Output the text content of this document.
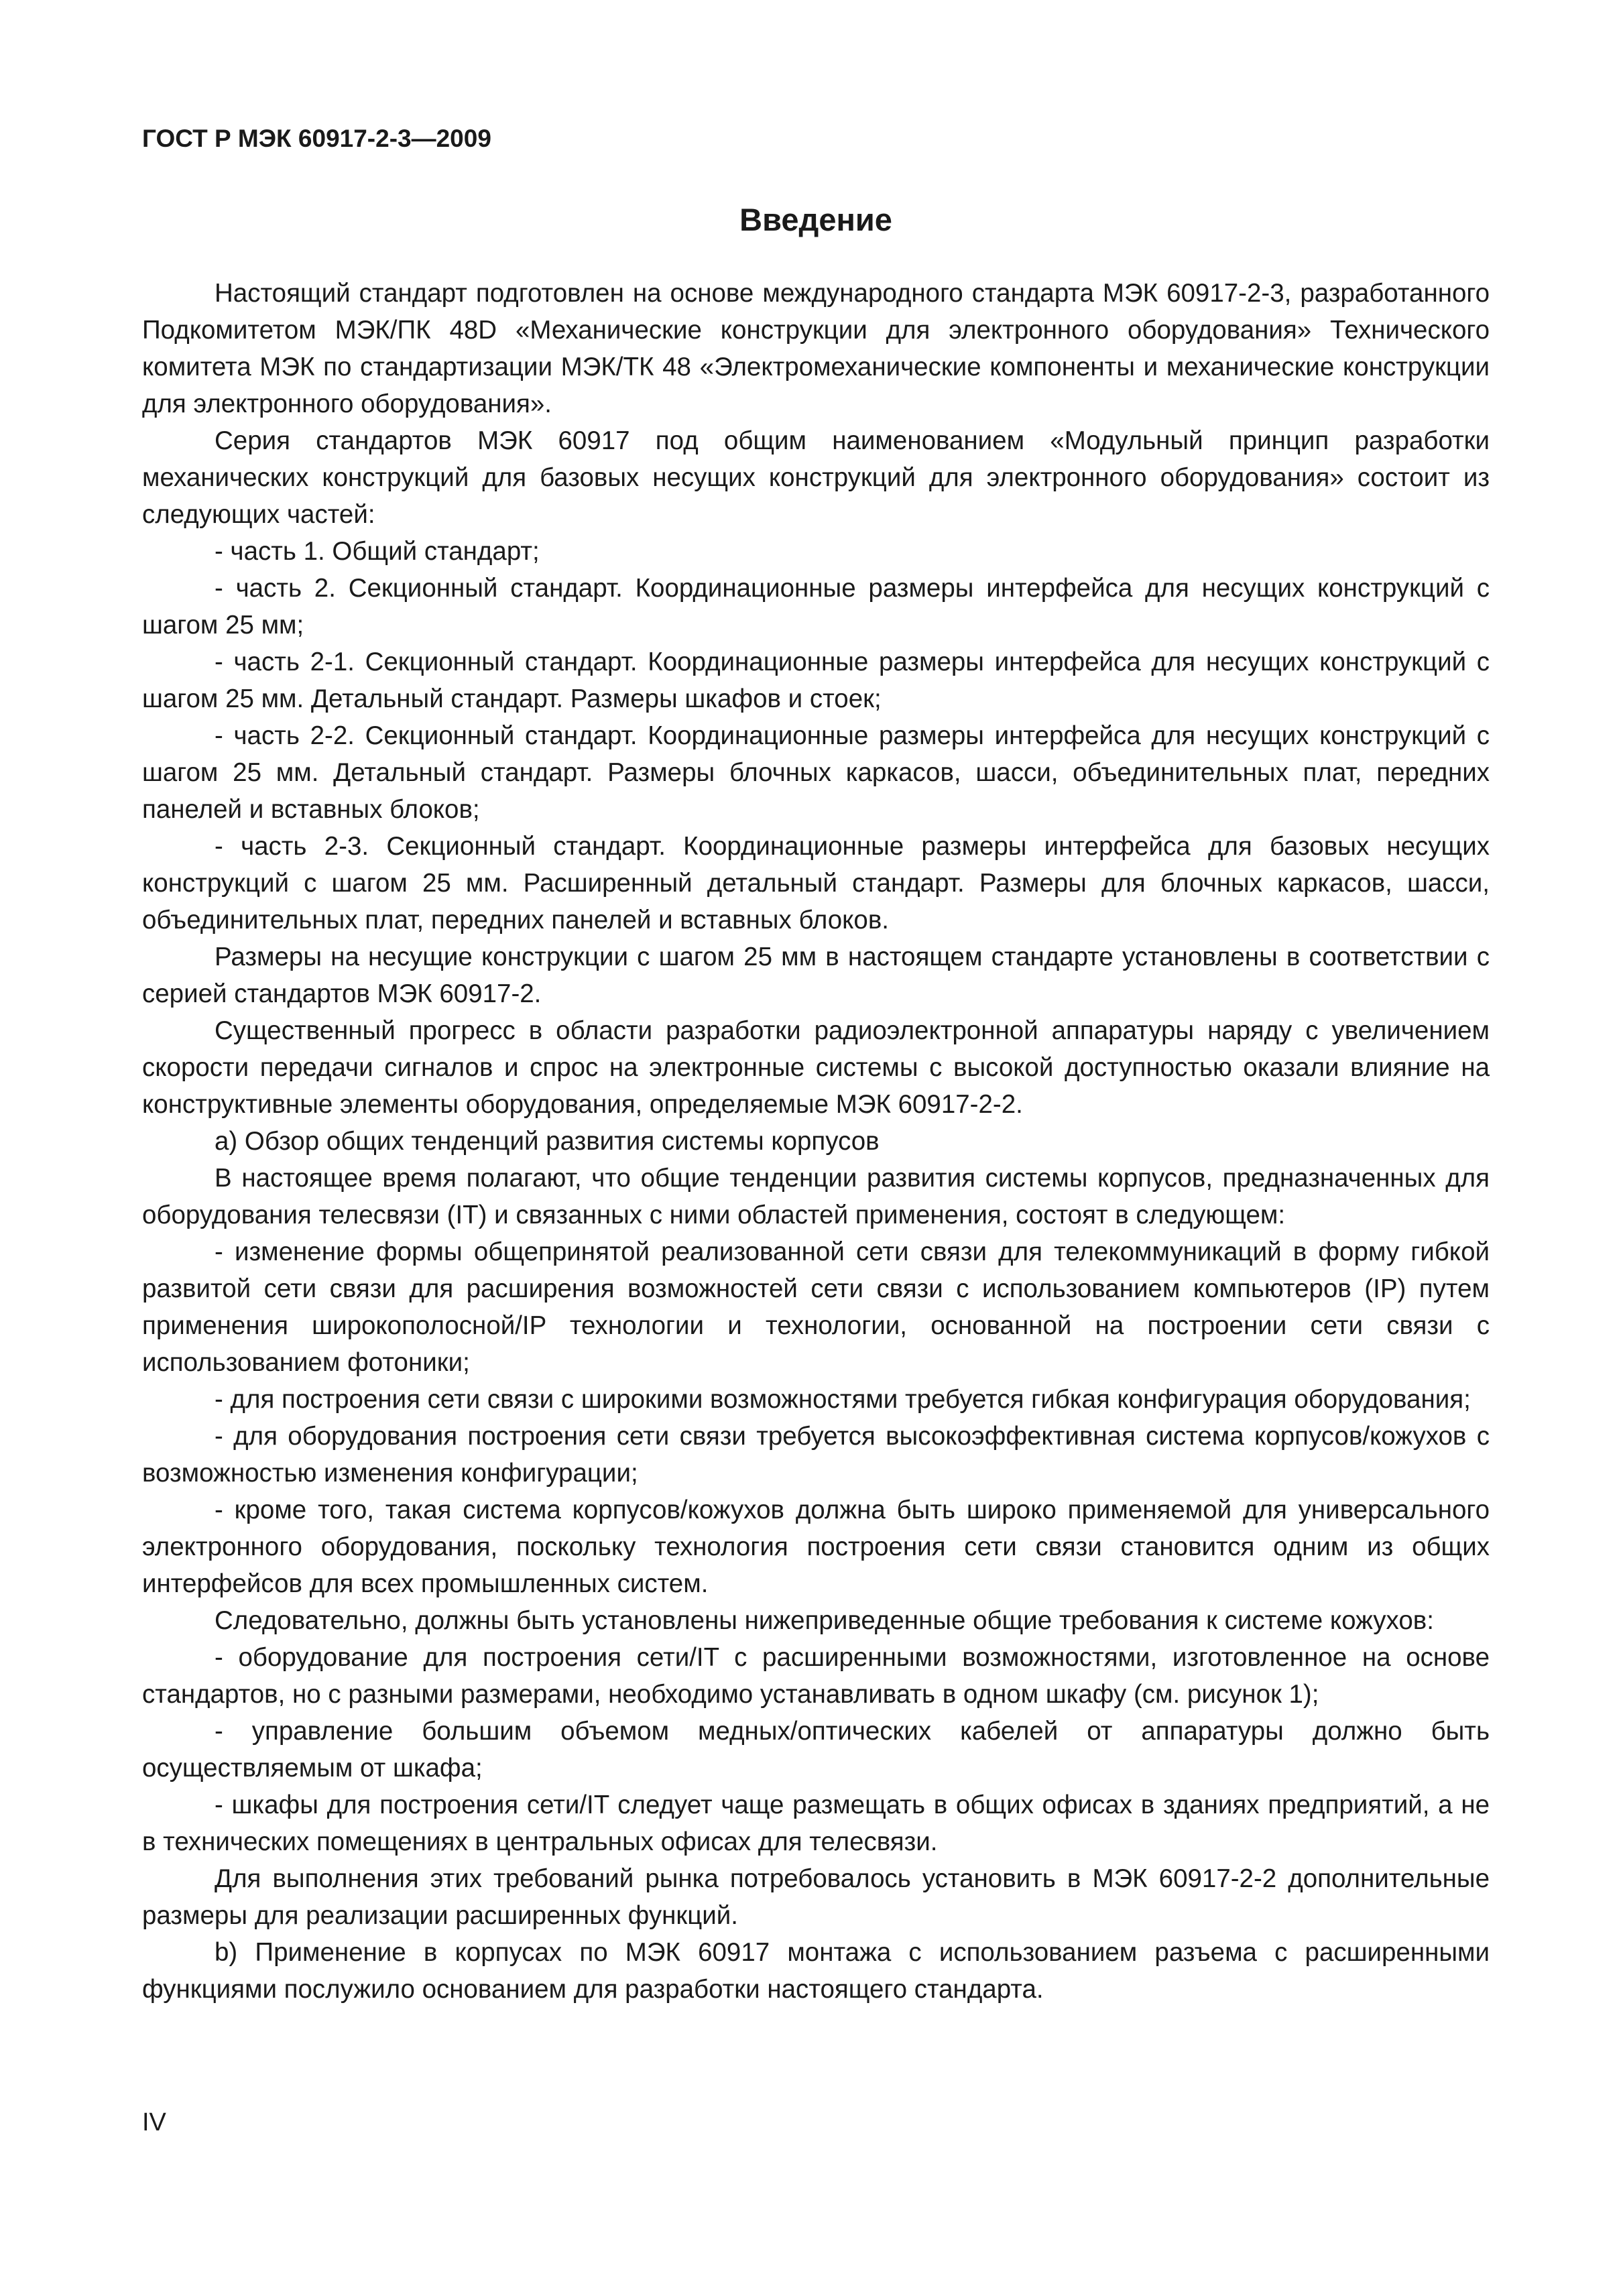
ГОСТ Р МЭК 60917-2-3—2009
Введение

Настоящий стандарт подготовлен на основе международного стандарта МЭК 60917-2-3, разработанного Подкомитетом МЭК/ПК 48D «Механические конструкции для электронного оборудования» Технического комитета МЭК по стандартизации МЭК/ТК 48 «Электромеханические компоненты и механические конструкции для электронного оборудования».

Серия стандартов МЭК 60917 под общим наименованием «Модульный принцип разработки механических конструкций для базовых несущих конструкций для электронного оборудования» состоит из следующих частей:

- часть 1. Общий стандарт;

- часть 2. Секционный стандарт. Координационные размеры интерфейса для несущих конструкций с шагом 25 мм;

- часть 2-1. Секционный стандарт. Координационные размеры интерфейса для несущих конструкций с шагом 25 мм. Детальный стандарт. Размеры шкафов и стоек;

- часть 2-2. Секционный стандарт. Координационные размеры интерфейса для несущих конструкций с шагом 25 мм. Детальный стандарт. Размеры блочных каркасов, шасси, объединительных плат, передних панелей и вставных блоков;

- часть 2-3. Секционный стандарт. Координационные размеры интерфейса для базовых несущих конструкций с шагом 25 мм. Расширенный детальный стандарт. Размеры для блочных каркасов, шасси, объединительных плат, передних панелей и вставных блоков.

Размеры на несущие конструкции с шагом 25 мм в настоящем стандарте установлены в соответствии с серией стандартов МЭК 60917-2.

Существенный прогресс в области разработки радиоэлектронной аппаратуры наряду с увеличением скорости передачи сигналов и спрос на электронные системы с высокой доступностью оказали влияние на конструктивные элементы оборудования, определяемые МЭК 60917-2-2.

a) Обзор общих тенденций развития системы корпусов

В настоящее время полагают, что общие тенденции развития системы корпусов, предназначенных для оборудования телесвязи (IT) и связанных с ними областей применения, состоят в следующем:

- изменение формы общепринятой реализованной сети связи для телекоммуникаций в форму гибкой развитой сети связи для расширения возможностей сети связи с использованием компьютеров (IP) путем применения широкополосной/IP технологии и технологии, основанной на построении сети связи с использованием фотоники;

- для построения сети связи с широкими возможностями требуется гибкая конфигурация оборудования;

- для оборудования построения сети связи требуется высокоэффективная система корпусов/кожухов с возможностью изменения конфигурации;

- кроме того, такая система корпусов/кожухов должна быть широко применяемой для универсального электронного оборудования, поскольку технология построения сети связи становится одним из общих интерфейсов для всех промышленных систем.

Следовательно, должны быть установлены нижеприведенные общие требования к системе кожухов:

- оборудование для построения сети/IT с расширенными возможностями, изготовленное на основе стандартов, но с разными размерами, необходимо устанавливать в одном шкафу (см. рисунок 1);

- управление большим объемом медных/оптических кабелей от аппаратуры должно быть осуществляемым от шкафа;

- шкафы для построения сети/IT следует чаще размещать в общих офисах в зданиях предприятий, а не в технических помещениях в центральных офисах для телесвязи.

Для выполнения этих требований рынка потребовалось установить в МЭК 60917-2-2 дополнительные размеры для реализации расширенных функций.

b) Применение в корпусах по МЭК 60917 монтажа с использованием разъема с расширенными функциями послужило основанием для разработки настоящего стандарта.

IV
